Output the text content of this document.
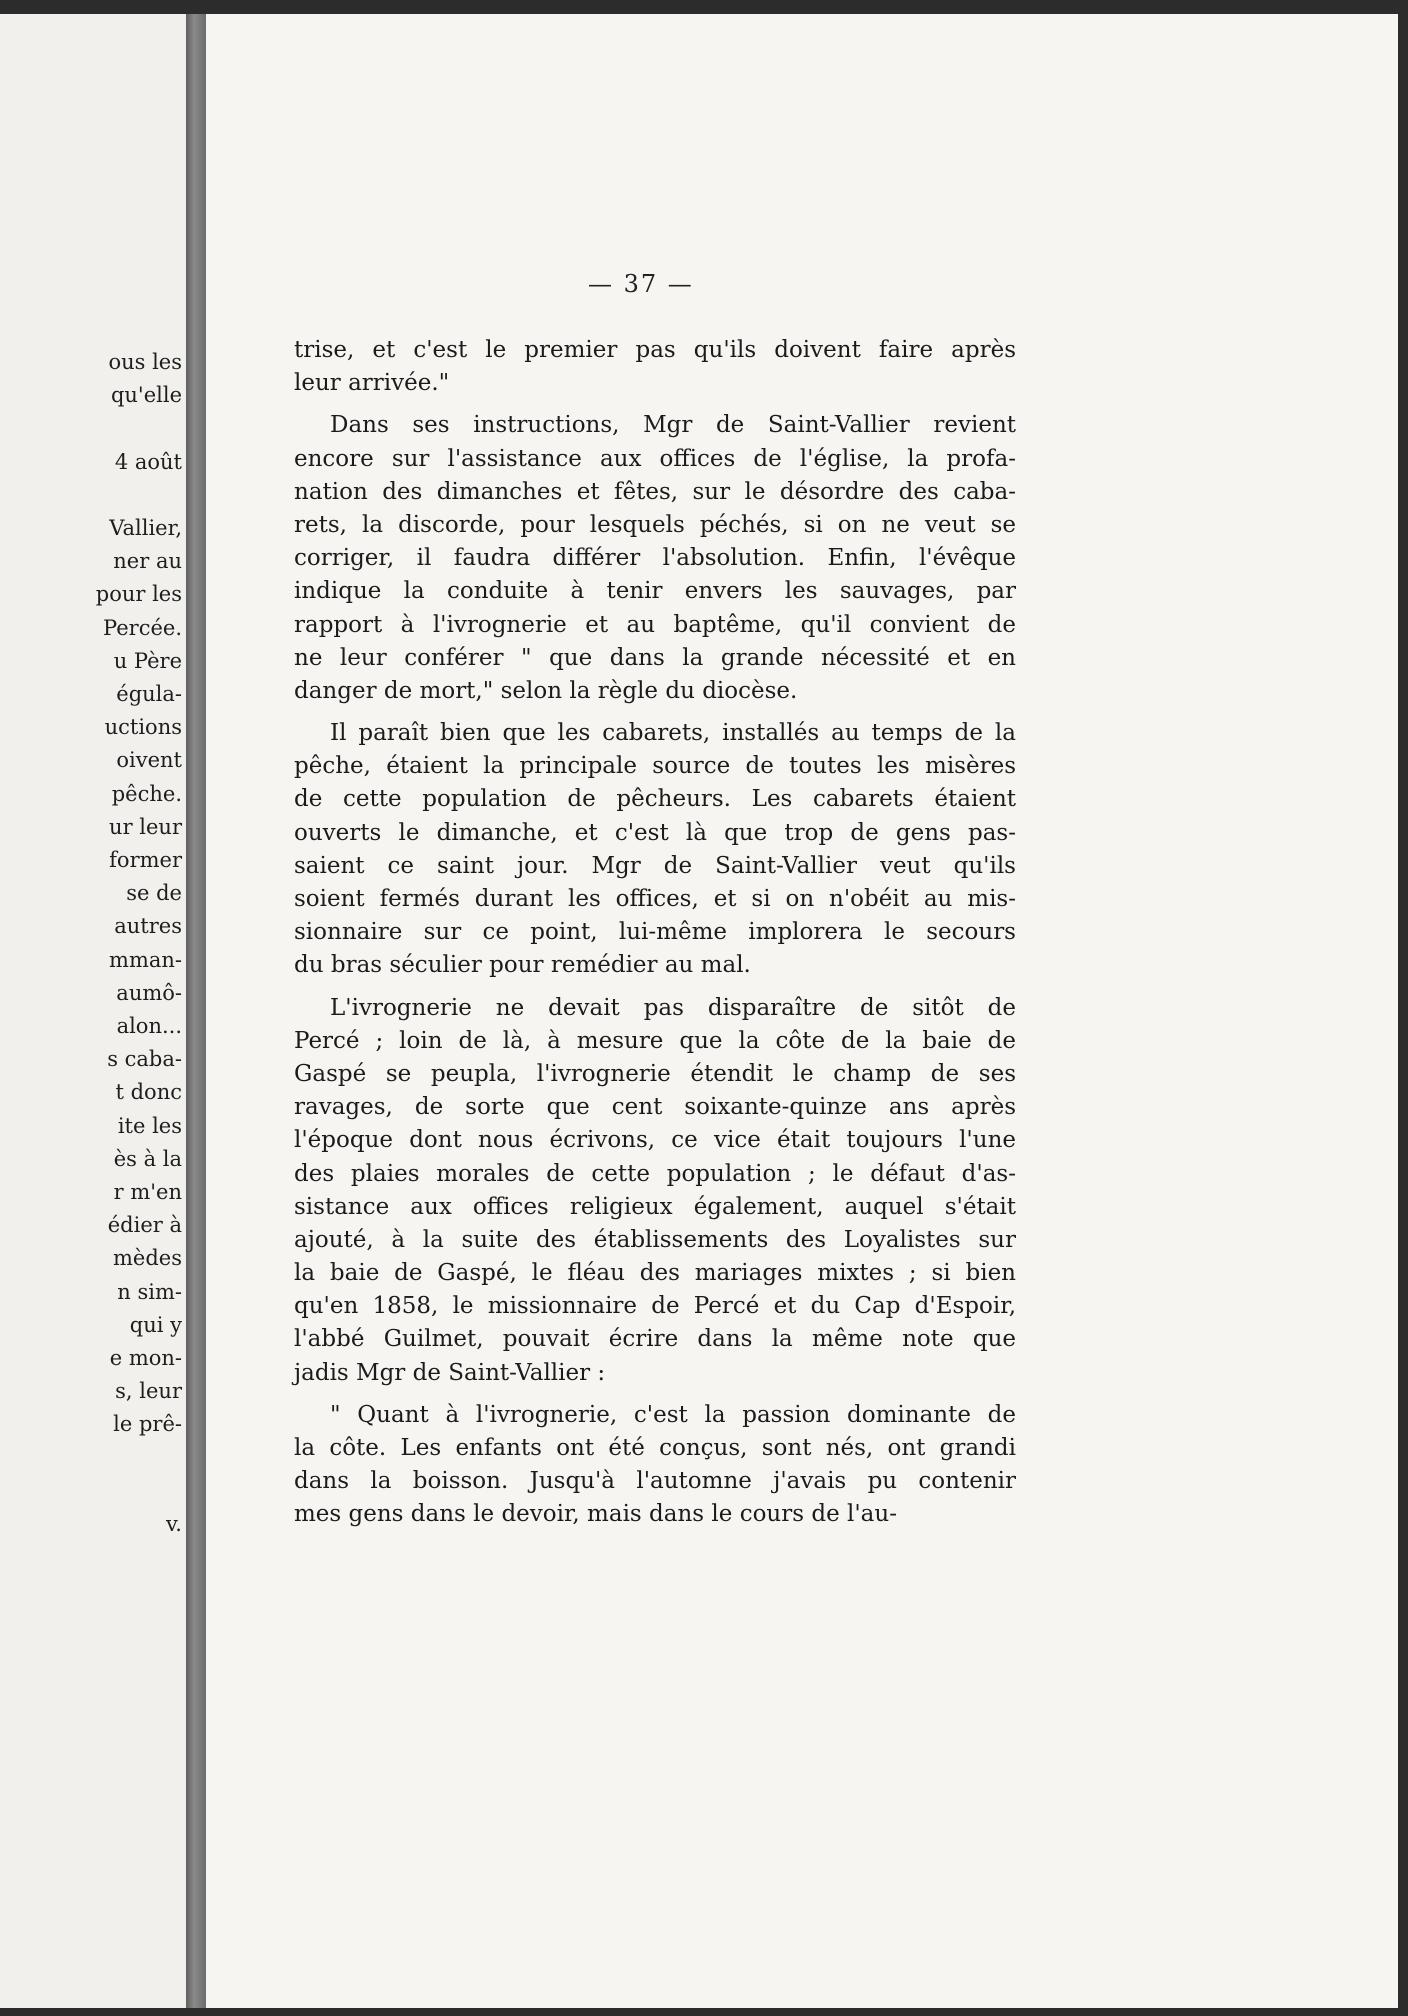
ous les
qu'elle
4 août
Vallier,
ner au
pour les
Percée.
u Père
égula-
uctions
oivent
pêche.
ur leur
former
se de
autres
mman-
aumô-
alon...
s caba-
t donc
ite les
ès à la
r m'en
édier à
mèdes
n sim-
qui y
e mon-
s, leur
le prê-
v.
— 37 —
trise, et c'est le premier pas qu'ils doivent faire après
leur arrivée."
Dans ses instructions, Mgr de Saint-Vallier revient
encore sur l'assistance aux offices de l'église, la profa-
nation des dimanches et fêtes, sur le désordre des caba-
rets, la discorde, pour lesquels péchés, si on ne veut se
corriger, il faudra différer l'absolution. Enfin, l'évêque
indique la conduite à tenir envers les sauvages, par
rapport à l'ivrognerie et au baptême, qu'il convient de
ne leur conférer " que dans la grande nécessité et en
danger de mort," selon la règle du diocèse.
Il paraît bien que les cabarets, installés au temps de la
pêche, étaient la principale source de toutes les misères
de cette population de pêcheurs. Les cabarets étaient
ouverts le dimanche, et c'est là que trop de gens pas-
saient ce saint jour. Mgr de Saint-Vallier veut qu'ils
soient fermés durant les offices, et si on n'obéit au mis-
sionnaire sur ce point, lui-même implorera le secours
du bras séculier pour remédier au mal.
L'ivrognerie ne devait pas disparaître de sitôt de
Percé ; loin de là, à mesure que la côte de la baie de
Gaspé se peupla, l'ivrognerie étendit le champ de ses
ravages, de sorte que cent soixante-quinze ans après
l'époque dont nous écrivons, ce vice était toujours l'une
des plaies morales de cette population ; le défaut d'as-
sistance aux offices religieux également, auquel s'était
ajouté, à la suite des établissements des Loyalistes sur
la baie de Gaspé, le fléau des mariages mixtes ; si bien
qu'en 1858, le missionnaire de Percé et du Cap d'Espoir,
l'abbé Guilmet, pouvait écrire dans la même note que
jadis Mgr de Saint-Vallier :
" Quant à l'ivrognerie, c'est la passion dominante de
la côte. Les enfants ont été conçus, sont nés, ont grandi
dans la boisson. Jusqu'à l'automne j'avais pu contenir
mes gens dans le devoir, mais dans le cours de l'au-
